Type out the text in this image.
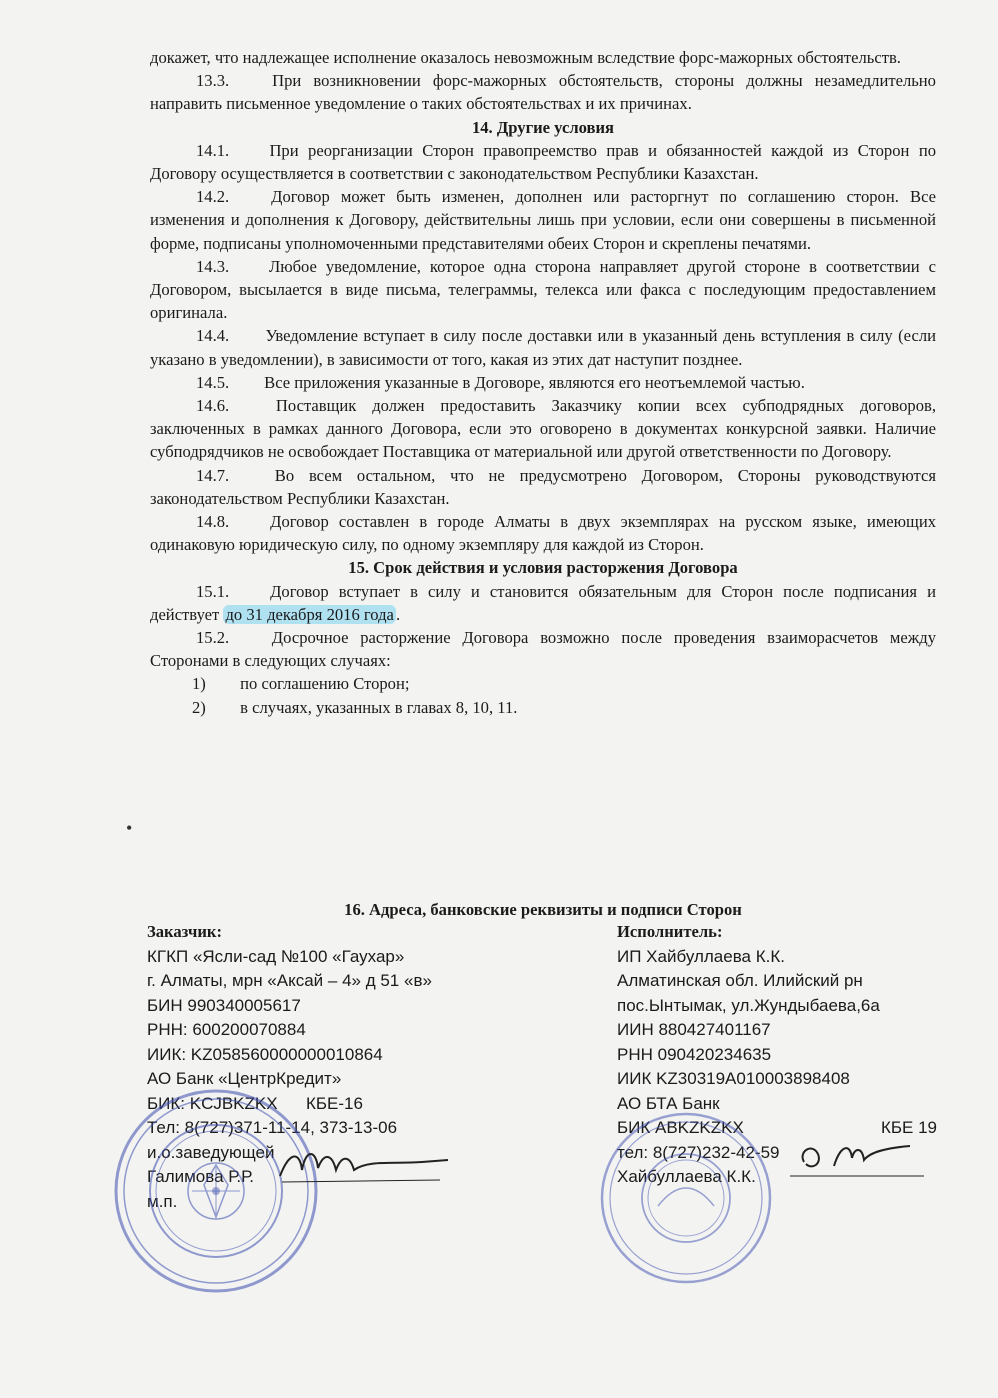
докажет, что надлежащее исполнение оказалось невозможным вследствие форс-мажорных обстоятельств.

13.3.	При возникновении форс-мажорных обстоятельств, стороны должны незамедлительно направить письменное уведомление о таких обстоятельствах и их причинах.

14. Другие условия

14.1. При реорганизации Сторон правопреемство прав и обязанностей каждой из Сторон по Договору осуществляется в соответствии с законодательством Республики Казахстан.

14.2.	Договор может быть изменен, дополнен или расторгнут по соглашению сторон. Все изменения и дополнения к Договору, действительны лишь при условии, если они совершены в письменной форме, подписаны уполномоченными представителями обеих Сторон и скреплены печатями.

14.3. Любое уведомление, которое одна сторона направляет другой стороне в соответствии с Договором, высылается в виде письма, телеграммы, телекса или факса с последующим предоставлением оригинала.

14.4. Уведомление вступает в силу после доставки или в указанный день вступления в силу (если указано в уведомлении), в зависимости от того, какая из этих дат наступит позднее.

14.5. Все приложения указанные в Договоре, являются его неотъемлемой частью.

14.6.	Поставщик должен предоставить Заказчику копии всех субподрядных договоров, заключенных в рамках данного Договора, если это оговорено в документах конкурсной заявки. Наличие субподрядчиков не освобождает Поставщика от материальной или другой ответственности по Договору.

14.7.	Во всем остальном, что не предусмотрено Договором, Стороны руководствуются законодательством Республики Казахстан.

14.8. Договор составлен в городе Алматы в двух экземплярах на русском языке, имеющих одинаковую юридическую силу, по одному экземпляру для каждой из Сторон.

15. Срок действия и условия расторжения Договора

15.1. Договор вступает в силу и становится обязательным для Сторон после подписания и действует до 31 декабря 2016 года .

15.2.	Досрочное расторжение Договора возможно после проведения взаиморасчетов между Сторонами в следующих случаях:

1) по соглашению Сторон;

2) в случаях, указанных в главах 8, 10, 11.

•
16. Адреса, банковские реквизиты и подписи Сторон
Заказчик:
КГКП «Ясли-сад №100 «Гаухар»
г. Алматы, мрн «Аксай – 4» д 51 «в»
БИН 990340005617
РНН: 600200070884
ИИК: KZ058560000000010864
АО Банк «ЦентрКредит»
БИК: KCJBKZKX КБЕ-16
Тел: 8(727)371-11-14, 373-13-06
и.о.заведующей
Галимова Р.Р.
м.п.
Исполнитель:
ИП Хайбуллаева К.К.
Алматинская обл. Илийский рн
пос.Ынтымак, ул.Жундыбаева,6а
ИИН 880427401167
РНН 090420234635
ИИК KZ30319A010003898408
АО БТА Банк
БИК ABKZKZKX	КБЕ 19
тел: 8(727)232-42-59
Хайбуллаева К.К.
